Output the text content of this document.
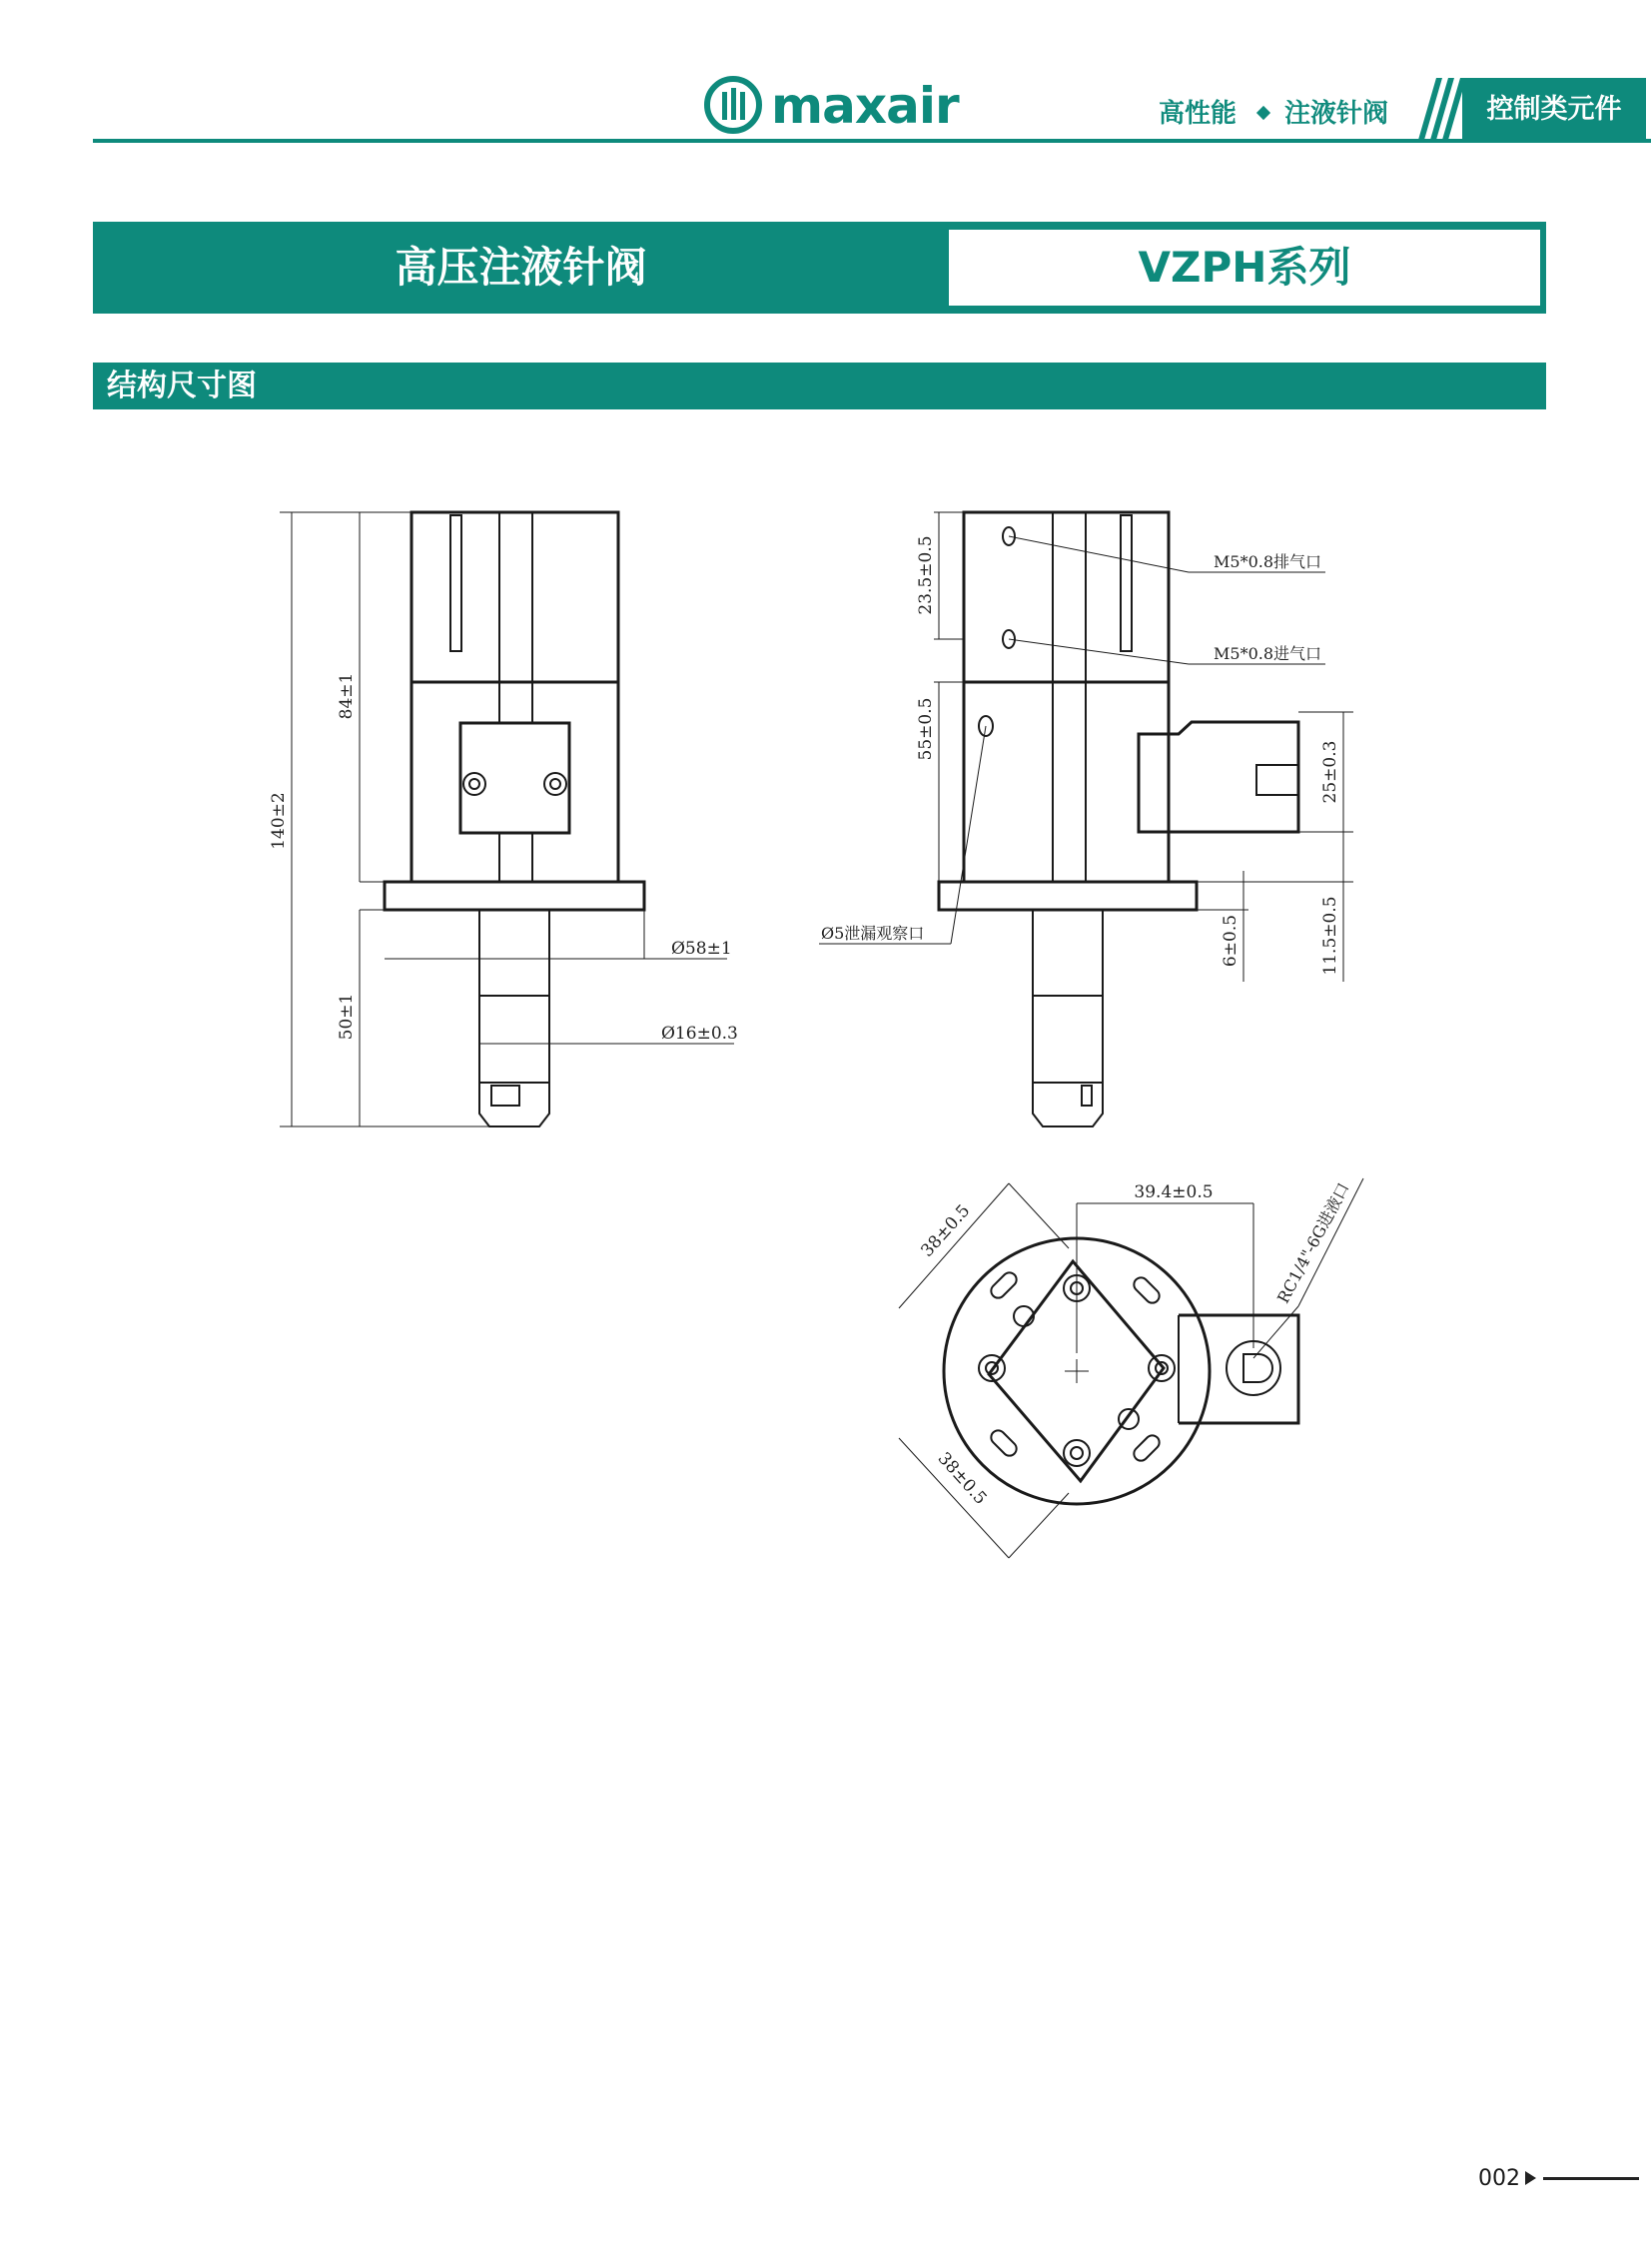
maxair	高性能 注液针阀	控制类元件
高压注液针阀	VZPH系列
结构尺寸图
140±2
84±1
50±1
Ø58±1
Ø16±0.3
23.5±0.5
55±0.5
M5*0.8排气口
M5*0.8进气口
Ø5泄漏观察口
25±0.3
6±0.5	11.5±0.5
39.4±0.5
38±0.5
38±0.5
RC1/4"-6G进液口
002
